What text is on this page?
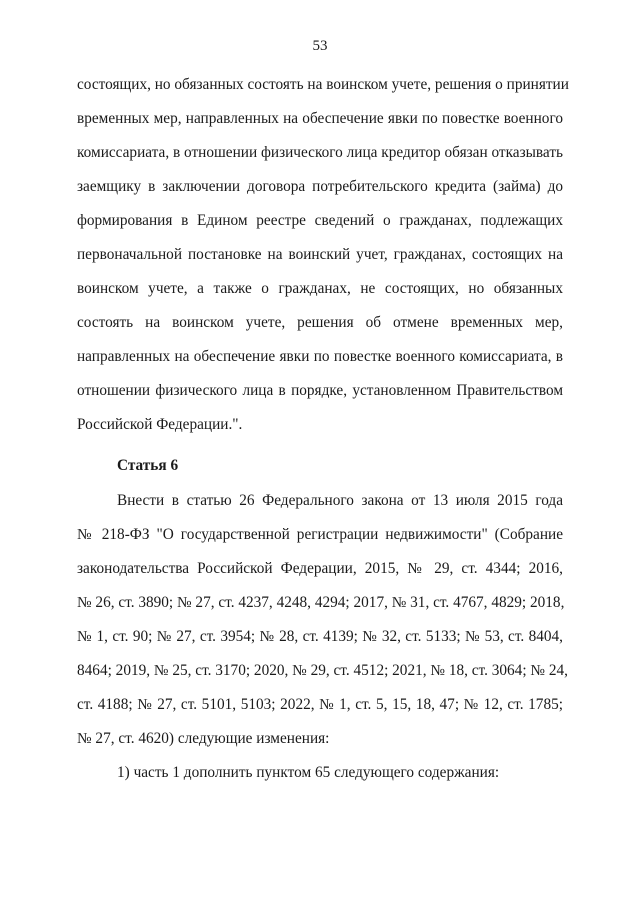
53
состоящих, но обязанных состоять на воинском учете, решения о принятии
временных мер, направленных на обеспечение явки по повестке военного
комиссариата, в отношении физического лица кредитор обязан отказывать
заемщику в заключении договора потребительского кредита (займа) до
формирования в Едином реестре сведений о гражданах, подлежащих
первоначальной постановке на воинский учет, гражданах, состоящих на
воинском учете, а также о гражданах, не состоящих, но обязанных
состоять на воинском учете, решения об отмене временных мер,
направленных на обеспечение явки по повестке военного комиссариата, в
отношении физического лица в порядке, установленном Правительством
Российской Федерации.".
Статья 6
Внести в статью 26 Федерального закона от 13 июля 2015 года
№ 218-ФЗ "О государственной регистрации недвижимости" (Собрание
законодательства Российской Федерации, 2015, № 29, ст. 4344; 2016,
№ 26, ст. 3890; № 27, ст. 4237, 4248, 4294; 2017, № 31, ст. 4767, 4829; 2018,
№ 1, ст. 90; № 27, ст. 3954; № 28, ст. 4139; № 32, ст. 5133; № 53, ст. 8404,
8464; 2019, № 25, ст. 3170; 2020, № 29, ст. 4512; 2021, № 18, ст. 3064; № 24,
ст. 4188; № 27, ст. 5101, 5103; 2022, № 1, ст. 5, 15, 18, 47; № 12, ст. 1785;
№ 27, ст. 4620) следующие изменения:
1) часть 1 дополнить пунктом 65 следующего содержания:
